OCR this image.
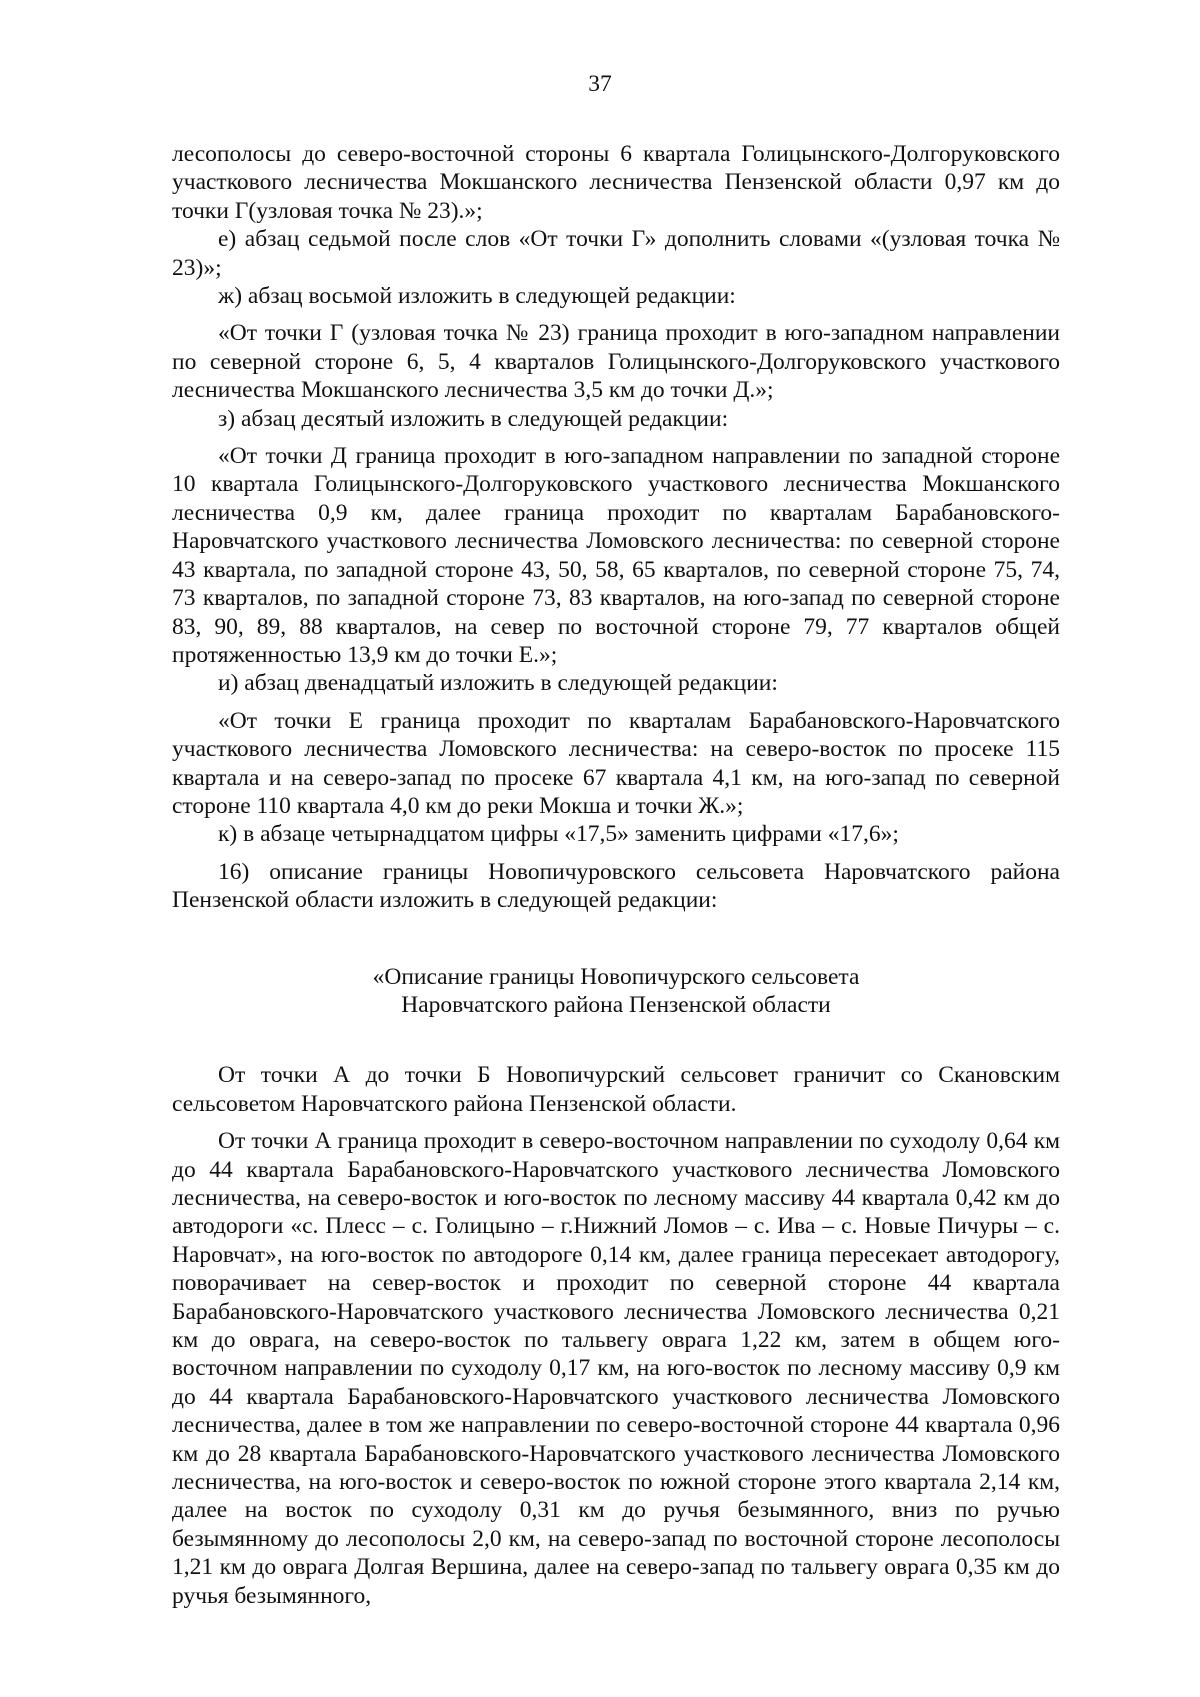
37

лесополосы до северо-восточной стороны 6 квартала Голицынского-Долгоруковского участкового лесничества Мокшанского лесничества Пензенской области 0,97 км до точки Г(узловая точка № 23).»;

е) абзац седьмой после слов «От точки Г» дополнить словами «(узловая точка № 23)»;

ж) абзац восьмой изложить в следующей редакции:

«От точки Г (узловая точка № 23) граница проходит в юго-западном направлении по северной стороне 6, 5, 4 кварталов Голицынского-Долгоруковского участкового лесничества Мокшанского лесничества 3,5 км до точки Д.»;

з) абзац десятый изложить в следующей редакции:

«От точки Д граница проходит в юго-западном направлении по западной стороне 10 квартала Голицынского-Долгоруковского участкового лесничества Мокшанского лесничества 0,9 км, далее граница проходит по кварталам Барабановского-Наровчатского участкового лесничества Ломовского лесничества: по северной стороне 43 квартала, по западной стороне 43, 50, 58, 65 кварталов, по северной стороне 75, 74, 73 кварталов, по западной стороне 73, 83 кварталов, на юго-запад по северной стороне 83, 90, 89, 88 кварталов, на север по восточной стороне 79, 77 кварталов общей протяженностью 13,9 км до точки Е.»;

и) абзац двенадцатый изложить в следующей редакции:

«От точки Е граница проходит по кварталам Барабановского-Наровчатского участкового лесничества Ломовского лесничества: на северо-восток по просеке 115 квартала и на северо-запад по просеке 67 квартала 4,1 км, на юго-запад по северной стороне 110 квартала 4,0 км до реки Мокша и точки Ж.»;

к) в абзаце четырнадцатом цифры «17,5» заменить цифрами «17,6»;

16) описание границы Новопичуровского сельсовета Наровчатского района Пензенской области изложить в следующей редакции:

«Описание границы Новопичурского сельсовета

Наровчатского района Пензенской области

От точки А до точки Б Новопичурский сельсовет граничит со Скановским сельсоветом Наровчатского района Пензенской области.

От точки А граница проходит в северо-восточном направлении по суходолу 0,64 км до 44 квартала Барабановского-Наровчатского участкового лесничества Ломовского лесничества, на северо-восток и юго-восток по лесному массиву 44 квартала 0,42 км до автодороги «с. Плесс – с. Голицыно – г.Нижний Ломов – с. Ива – с. Новые Пичуры – с. Наровчат», на юго-восток по автодороге 0,14 км, далее граница пересекает автодорогу, поворачивает на север-восток и проходит по северной стороне 44 квартала Барабановского-Наровчатского участкового лесничества Ломовского лесничества 0,21 км до оврага, на северо-восток по тальвегу оврага 1,22 км, затем в общем юго-восточном направлении по суходолу 0,17 км, на юго-восток по лесному массиву 0,9 км до 44 квартала Барабановского-Наровчатского участкового лесничества Ломовского лесничества, далее в том же направлении по северо-восточной стороне 44 квартала 0,96 км до 28 квартала Барабановского-Наровчатского участкового лесничества Ломовского лесничества, на юго-восток и северо-восток по южной стороне этого квартала 2,14 км, далее на восток по суходолу 0,31 км до ручья безымянного, вниз по ручью безымянному до лесополосы 2,0 км, на северо-запад по восточной стороне лесополосы 1,21 км до оврага Долгая Вершина, далее на северо-запад по тальвегу оврага 0,35 км до ручья безымянного,
